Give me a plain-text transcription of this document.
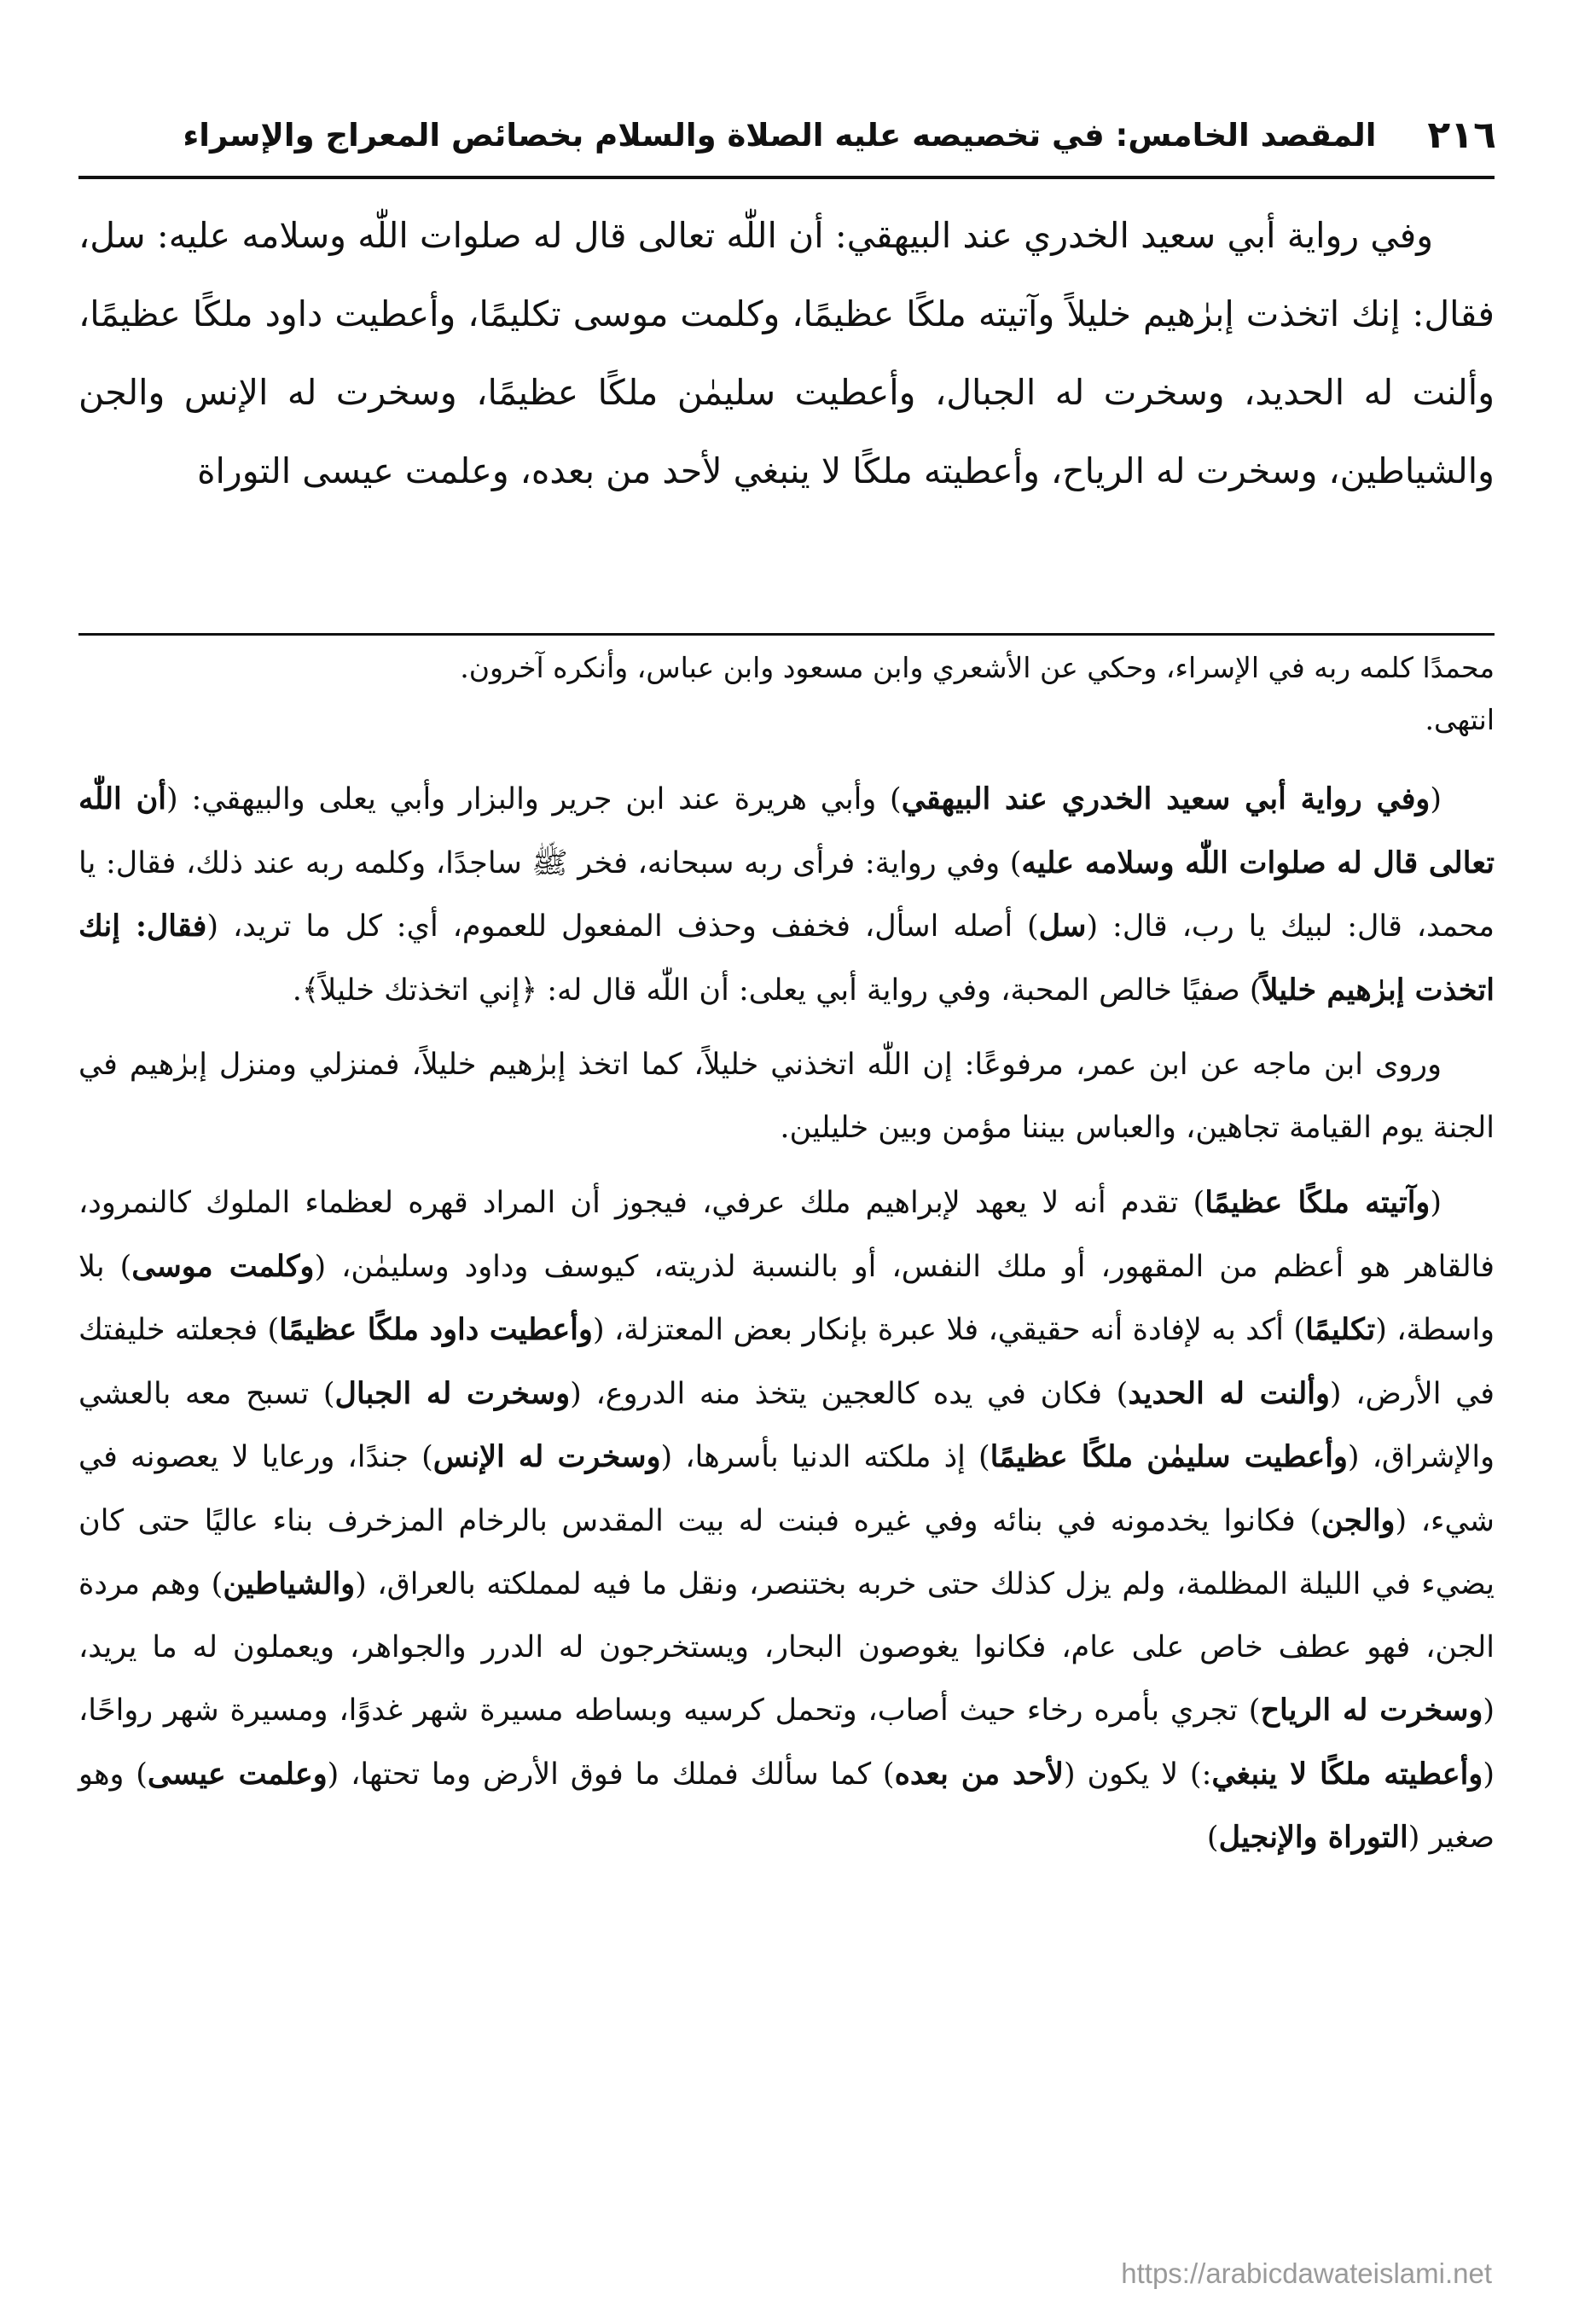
٢١٦
المقصد الخامس: في تخصيصه عليه الصلاة والسلام بخصائص المعراج والإسراء

وفي رواية أبي سعيد الخدري عند البيهقي: أن اللّٰه تعالى قال له صلوات اللّٰه وسلامه عليه: سل، فقال: إنك اتخذت إبرٰهيم خليلاً وآتيته ملكًا عظيمًا، وكلمت موسى تكليمًا، وأعطيت داود ملكًا عظيمًا، وألنت له الحديد، وسخرت له الجبال، وأعطيت سليمٰن ملكًا عظيمًا، وسخرت له الإنس والجن والشياطين، وسخرت له الرياح، وأعطيته ملكًا لا ينبغي لأحد من بعده، وعلمت عيسى التوراة

محمدًا كلمه ربه في الإسراء، وحكي عن الأشعري وابن مسعود وابن عباس، وأنكره آخرون.

انتهى.

(وفي رواية أبي سعيد الخدري عند البيهقي) وأبي هريرة عند ابن جرير والبزار وأبي يعلى والبيهقي: (أن اللّٰه تعالى قال له صلوات اللّٰه وسلامه عليه) وفي رواية: فرأى ربه سبحانه، فخر ﷺ ساجدًا، وكلمه ربه عند ذلك، فقال: يا محمد، قال: لبيك يا رب، قال: (سل) أصله اسأل، فخفف وحذف المفعول للعموم، أي: كل ما تريد، (فقال: إنك اتخذت إبرٰهيم خليلاً) صفيًا خالص المحبة، وفي رواية أبي يعلى: أن اللّٰه قال له: ﴿إني اتخذتك خليلاً﴾.

وروى ابن ماجه عن ابن عمر، مرفوعًا: إن اللّٰه اتخذني خليلاً، كما اتخذ إبرٰهيم خليلاً، فمنزلي ومنزل إبرٰهيم في الجنة يوم القيامة تجاهين، والعباس بيننا مؤمن وبين خليلين.

(وآتيته ملكًا عظيمًا) تقدم أنه لا يعهد لإبراهيم ملك عرفي، فيجوز أن المراد قهره لعظماء الملوك كالنمرود، فالقاهر هو أعظم من المقهور، أو ملك النفس، أو بالنسبة لذريته، كيوسف وداود وسليمٰن، (وكلمت موسى) بلا واسطة، (تكليمًا) أكد به لإفادة أنه حقيقي، فلا عبرة بإنكار بعض المعتزلة، (وأعطيت داود ملكًا عظيمًا) فجعلته خليفتك في الأرض، (وألنت له الحديد) فكان في يده كالعجين يتخذ منه الدروع، (وسخرت له الجبال) تسبح معه بالعشي والإشراق، (وأعطيت سليمٰن ملكًا عظيمًا) إذ ملكته الدنيا بأسرها، (وسخرت له الإنس) جندًا، ورعايا لا يعصونه في شيء، (والجن) فكانوا يخدمونه في بنائه وفي غيره فبنت له بيت المقدس بالرخام المزخرف بناء عاليًا حتى كان يضيء في الليلة المظلمة، ولم يزل كذلك حتى خربه بختنصر، ونقل ما فيه لمملكته بالعراق، (والشياطين) وهم مردة الجن، فهو عطف خاص على عام، فكانوا يغوصون البحار، ويستخرجون له الدرر والجواهر، ويعملون له ما يريد، (وسخرت له الرياح) تجري بأمره رخاء حيث أصاب، وتحمل كرسيه وبساطه مسيرة شهر غدوًا، ومسيرة شهر رواحًا، (وأعطيته ملكًا لا ينبغي:) لا يكون (لأحد من بعده) كما سألك فملك ما فوق الأرض وما تحتها، (وعلمت عيسى) وهو صغير (التوراة والإنجيل)

https://arabicdawateislami.net
